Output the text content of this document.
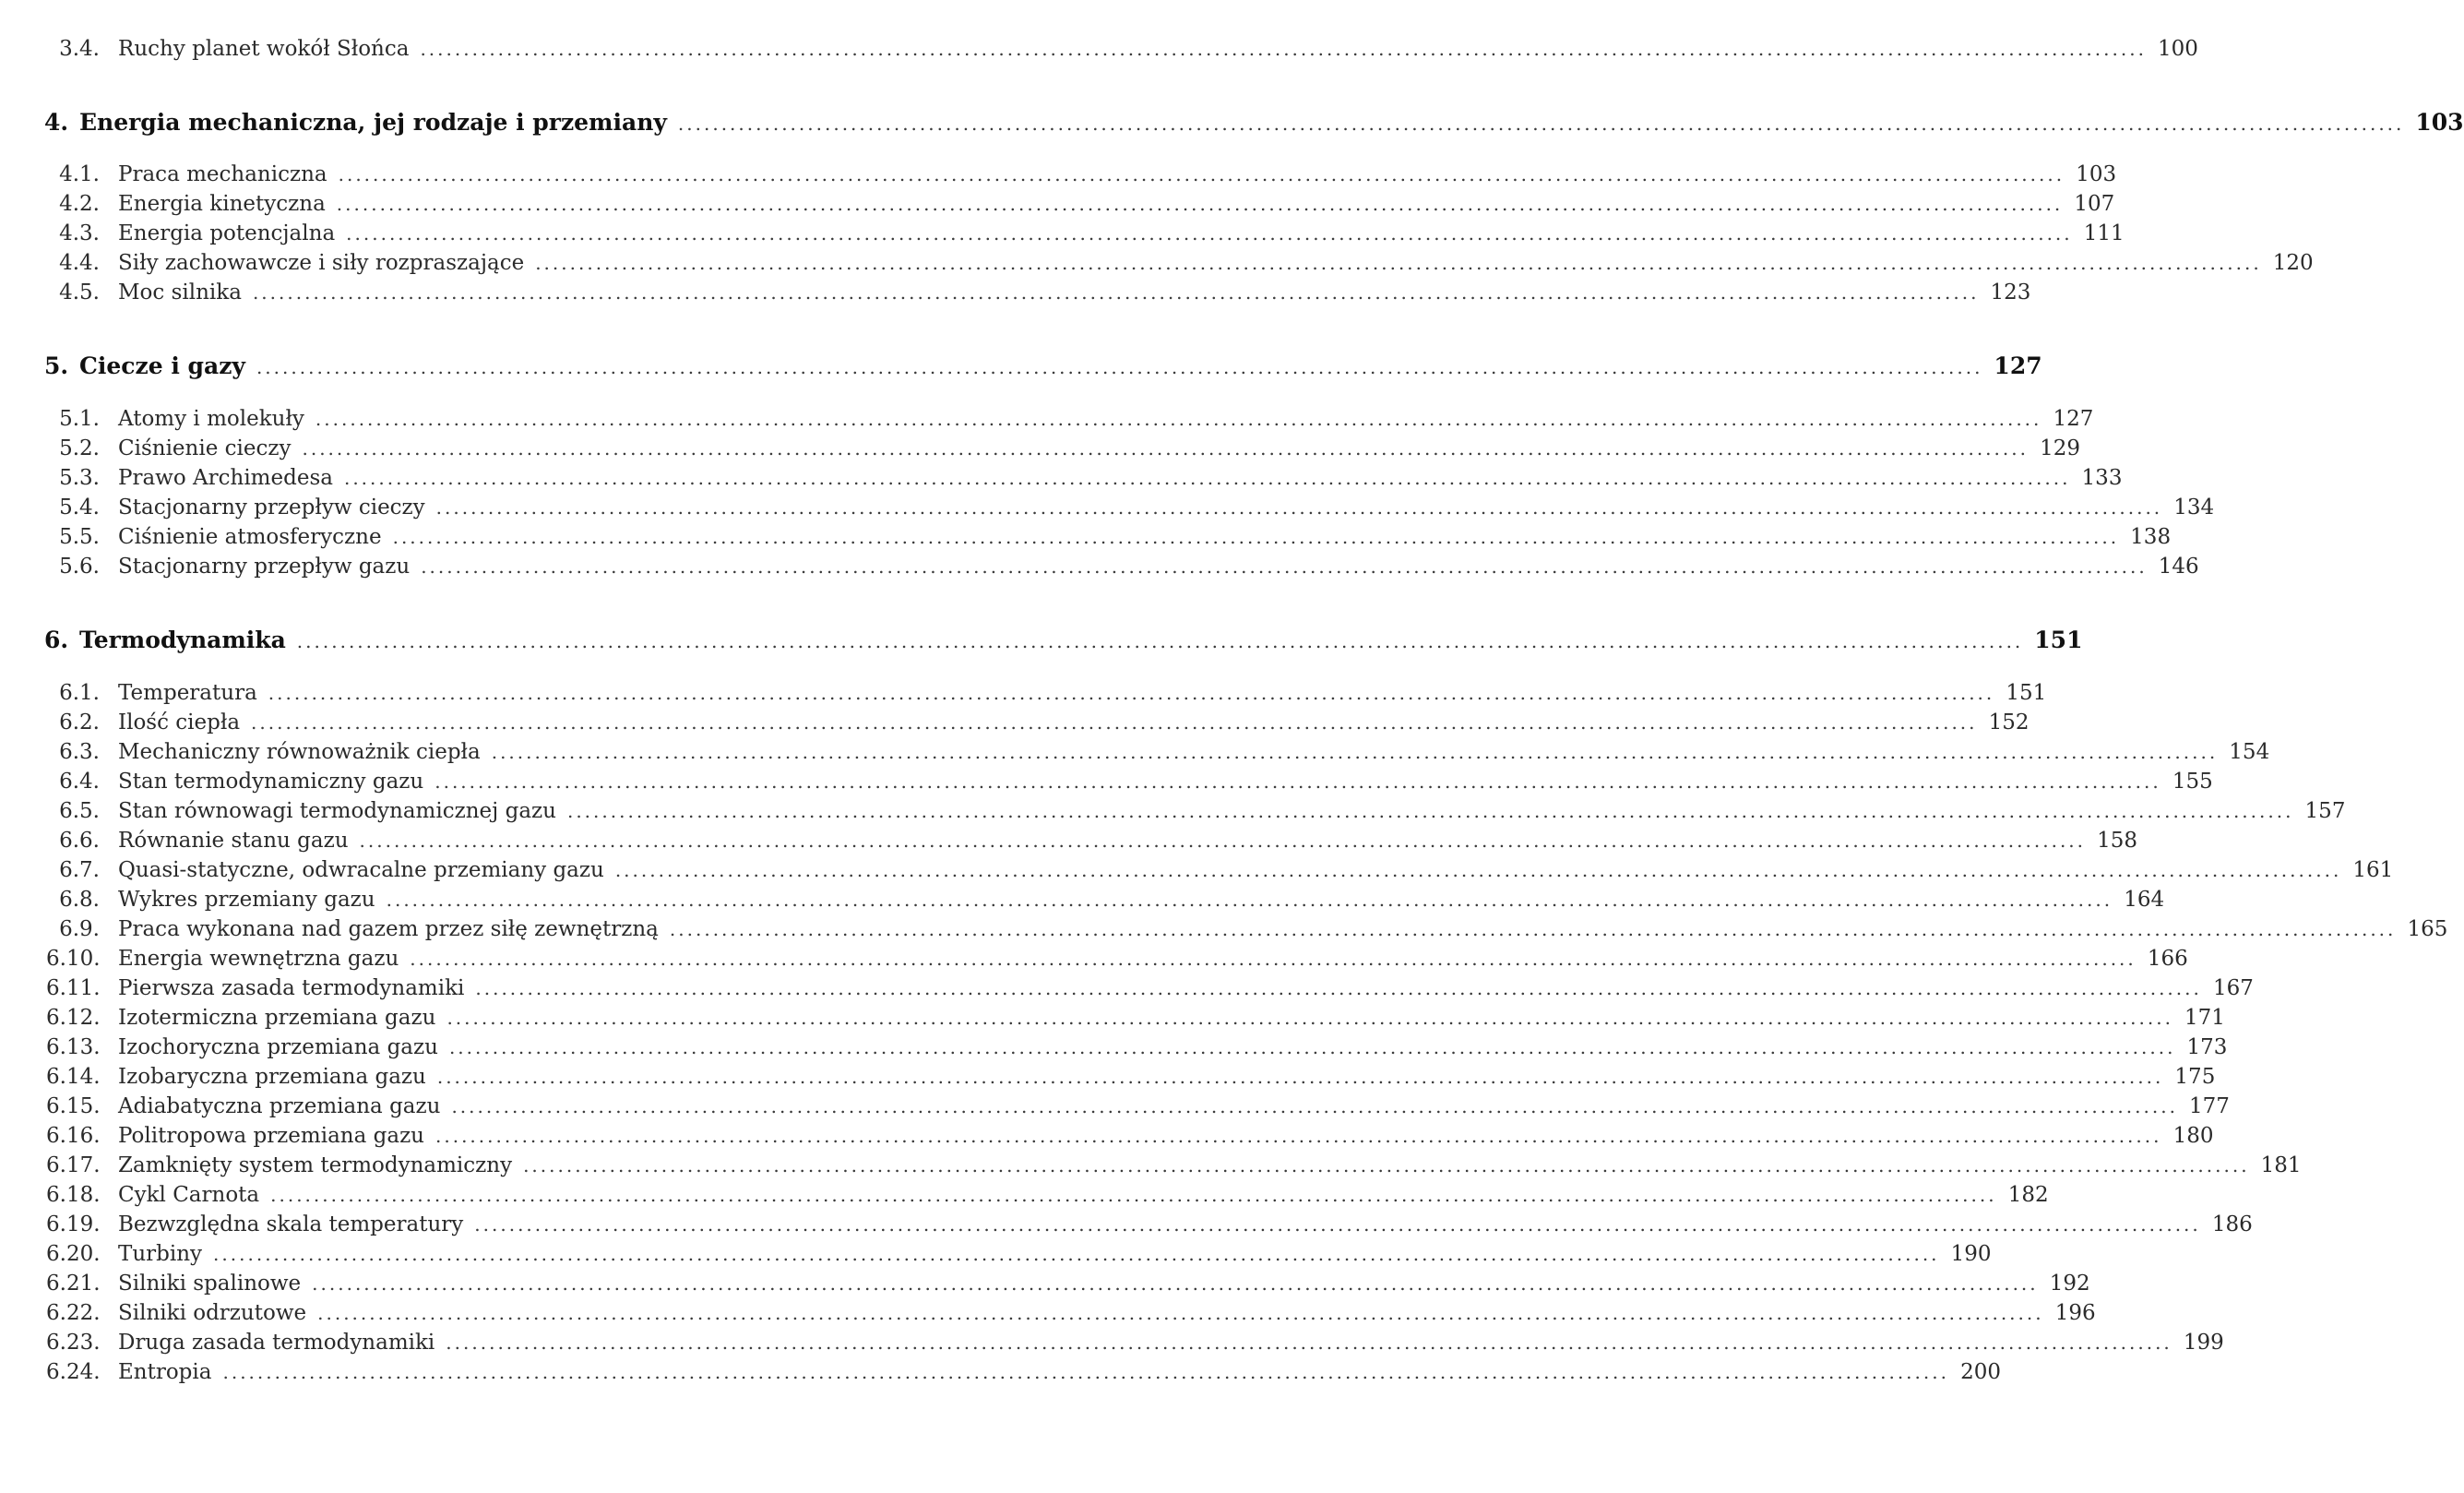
3.4. Ruchy planet wokół Słońca ........................................................................................................................................................................................................ 100
4. Energia mechaniczna, jej rodzaje i przemiany ........................................................................................................................................................................................................ 103
4.1. Praca mechaniczna ........................................................................................................................................................................................................ 103
4.2. Energia kinetyczna ........................................................................................................................................................................................................ 107
4.3. Energia potencjalna ........................................................................................................................................................................................................ 111
4.4. Siły zachowawcze i siły rozpraszające ........................................................................................................................................................................................................ 120
4.5. Moc silnika ........................................................................................................................................................................................................ 123
5. Ciecze i gazy ........................................................................................................................................................................................................ 127
5.1. Atomy i molekuły ........................................................................................................................................................................................................ 127
5.2. Ciśnienie cieczy ........................................................................................................................................................................................................ 129
5.3. Prawo Archimedesa ........................................................................................................................................................................................................ 133
5.4. Stacjonarny przepływ cieczy ........................................................................................................................................................................................................ 134
5.5. Ciśnienie atmosferyczne ........................................................................................................................................................................................................ 138
5.6. Stacjonarny przepływ gazu ........................................................................................................................................................................................................ 146
6. Termodynamika ........................................................................................................................................................................................................ 151
6.1. Temperatura ........................................................................................................................................................................................................ 151
6.2. Ilość ciepła ........................................................................................................................................................................................................ 152
6.3. Mechaniczny równoważnik ciepła ........................................................................................................................................................................................................ 154
6.4. Stan termodynamiczny gazu ........................................................................................................................................................................................................ 155
6.5. Stan równowagi termodynamicznej gazu ........................................................................................................................................................................................................ 157
6.6. Równanie stanu gazu ........................................................................................................................................................................................................ 158
6.7. Quasi-statyczne, odwracalne przemiany gazu ........................................................................................................................................................................................................ 161
6.8. Wykres przemiany gazu ........................................................................................................................................................................................................ 164
6.9. Praca wykonana nad gazem przez siłę zewnętrzną ........................................................................................................................................................................................................ 165
6.10. Energia wewnętrzna gazu ........................................................................................................................................................................................................ 166
6.11. Pierwsza zasada termodynamiki ........................................................................................................................................................................................................ 167
6.12. Izotermiczna przemiana gazu ........................................................................................................................................................................................................ 171
6.13. Izochoryczna przemiana gazu ........................................................................................................................................................................................................ 173
6.14. Izobaryczna przemiana gazu ........................................................................................................................................................................................................ 175
6.15. Adiabatyczna przemiana gazu ........................................................................................................................................................................................................ 177
6.16. Politropowa przemiana gazu ........................................................................................................................................................................................................ 180
6.17. Zamknięty system termodynamiczny ........................................................................................................................................................................................................ 181
6.18. Cykl Carnota ........................................................................................................................................................................................................ 182
6.19. Bezwzględna skala temperatury ........................................................................................................................................................................................................ 186
6.20. Turbiny ........................................................................................................................................................................................................ 190
6.21. Silniki spalinowe ........................................................................................................................................................................................................ 192
6.22. Silniki odrzutowe ........................................................................................................................................................................................................ 196
6.23. Druga zasada termodynamiki ........................................................................................................................................................................................................ 199
6.24. Entropia ........................................................................................................................................................................................................ 200
